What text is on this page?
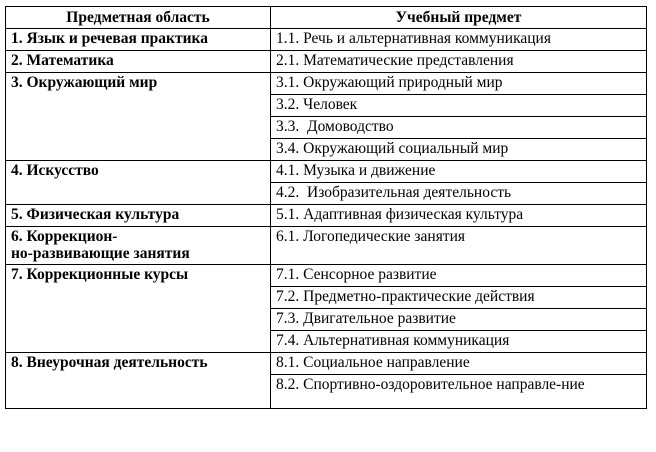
Предметная область	Учебный предмет
1. Язык и речевая практика	1.1. Речь и альтернативная коммуникация
2. Математика	2.1. Математические представления
3. Окружающий мир	3.1. Окружающий природный мир
	3.2. Человек
	3.3.  Домоводство
	3.4. Окружающий социальный мир
4. Искусство	4.1. Музыка и движение
	4.2.  Изобразительная деятельность
5. Физическая культура	5.1. Адаптивная физическая культура

6. Коррекцион-
но-развивающие занятия	6.1. Логопедические занятия
7. Коррекционные курсы	7.1. Сенсорное развитие
	7.2. Предметно-практические действия
	7.3. Двигательное развитие
	7.4. Альтернативная коммуникация
8. Внеурочная деятельность	8.1. Социальное направление
	8.2. Спортивно-оздоровительное направле-ние
